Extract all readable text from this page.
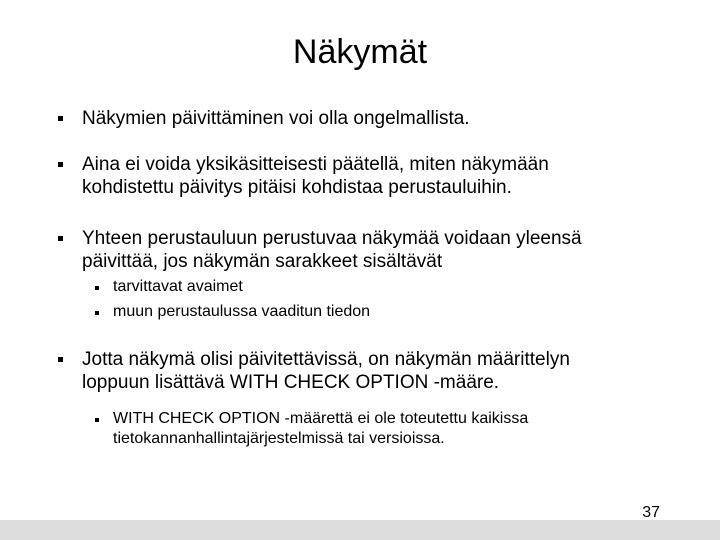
Näkymät
Näkymien päivittäminen voi olla ongelmallista.
Aina ei voida yksikäsitteisesti päätellä, miten näkymään
kohdistettu päivitys pitäisi kohdistaa perustauluihin.
Yhteen perustauluun perustuvaa näkymää voidaan yleensä
päivittää, jos näkymän sarakkeet sisältävät
tarvittavat avaimet
muun perustaulussa vaaditun tiedon
Jotta näkymä olisi päivitettävissä, on näkymän määrittelyn
loppuun lisättävä WITH CHECK OPTION -määre.
WITH CHECK OPTION -määrettä ei ole toteutettu kaikissa
tietokannanhallintajärjestelmissä tai versioissa.
37
